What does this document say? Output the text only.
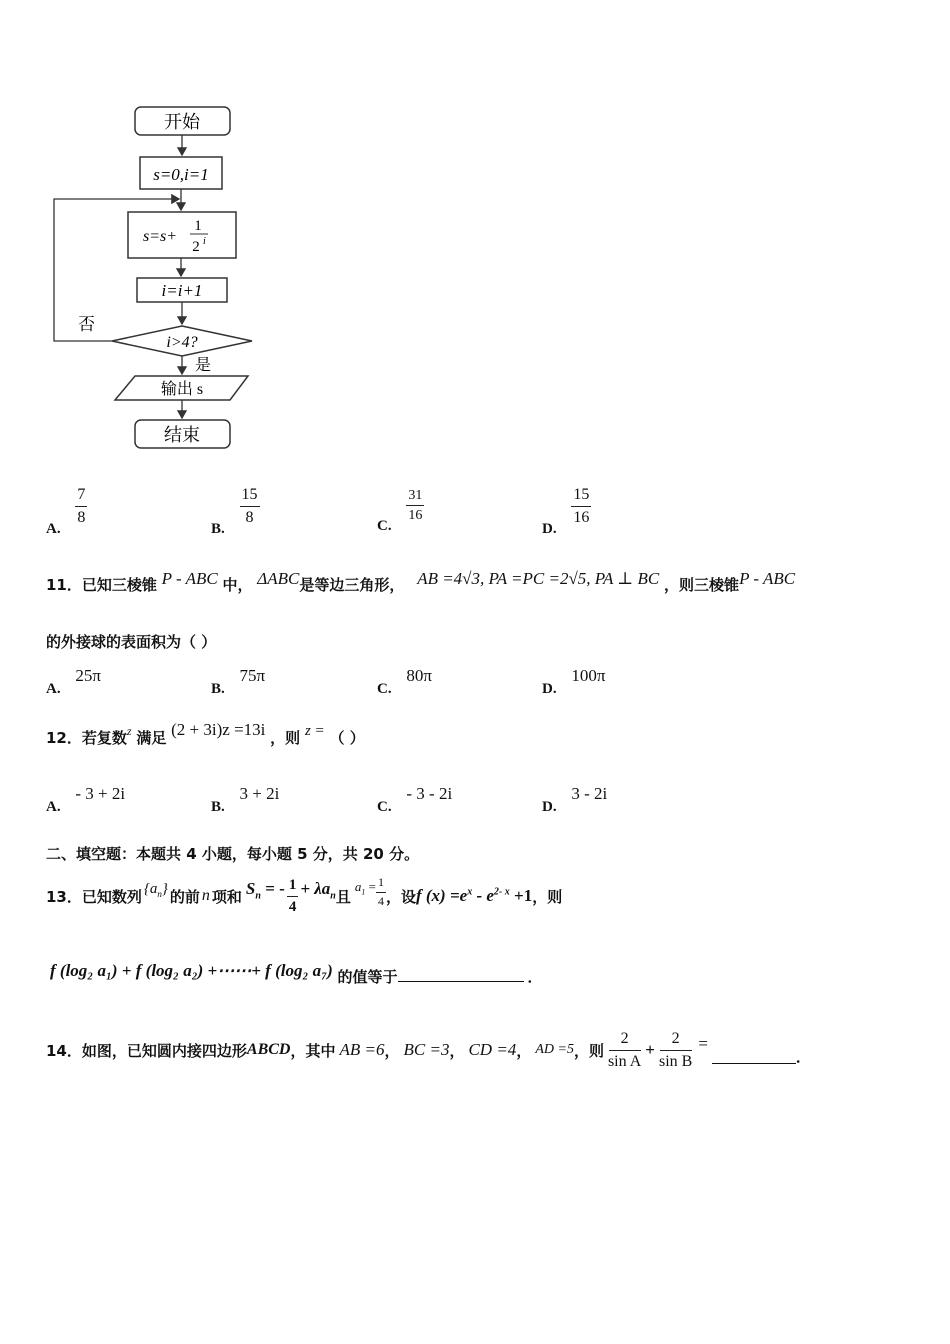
开始
s=0,i=1
s=s+
1
2 i
i=i+1
i>4?
否
是
输出 s
结束
A.
$\frac{7}{8}$
B.
$\frac{15}{8}$
C.
$\frac{31}{16}$
D.
$\frac{15}{16}$
11．已知三棱锥 P - ABC 中， ΔABC是等边三角形， AB =4√3, PA =PC =2√5, PA ⊥ BC ，则三棱锥P - ABC
的外接球的表面积为（ ）
A. 25π
B. 75π
C. 80π
D. 100π
12．若复数$^z$ 满足 (2 + 3i)z =13i ，则 z = （ ）
A. - 3 + 2i
B. 3 + 2i
C. - 3 - 2i
D. 3 - 2i
二、填空题：本题共 4 小题，每小题 5 分，共 20 分。
13． 已知数列 $\{a_n\}$ 的前 n 项和 $S_n$ = - $\frac{1}{4} + \lambda a_n$ 且
$a_1 = \frac{1}{4}$ ，设 f $(x) =e^x - e^{2- x} +1$ ，则
f (log₂ a₁) + f (log₂ a₂) +⋯⋯+ f (log₂ a₇) 的值等于	．
14． 如图，已知圆内接四边形 ABCD ，其中 AB =6 ， BC =3 ， CD =4 ， AD =5 ，则 $\frac{2}{\text{sin A}} + \frac{2}{\text{sin B}}$ =
．
